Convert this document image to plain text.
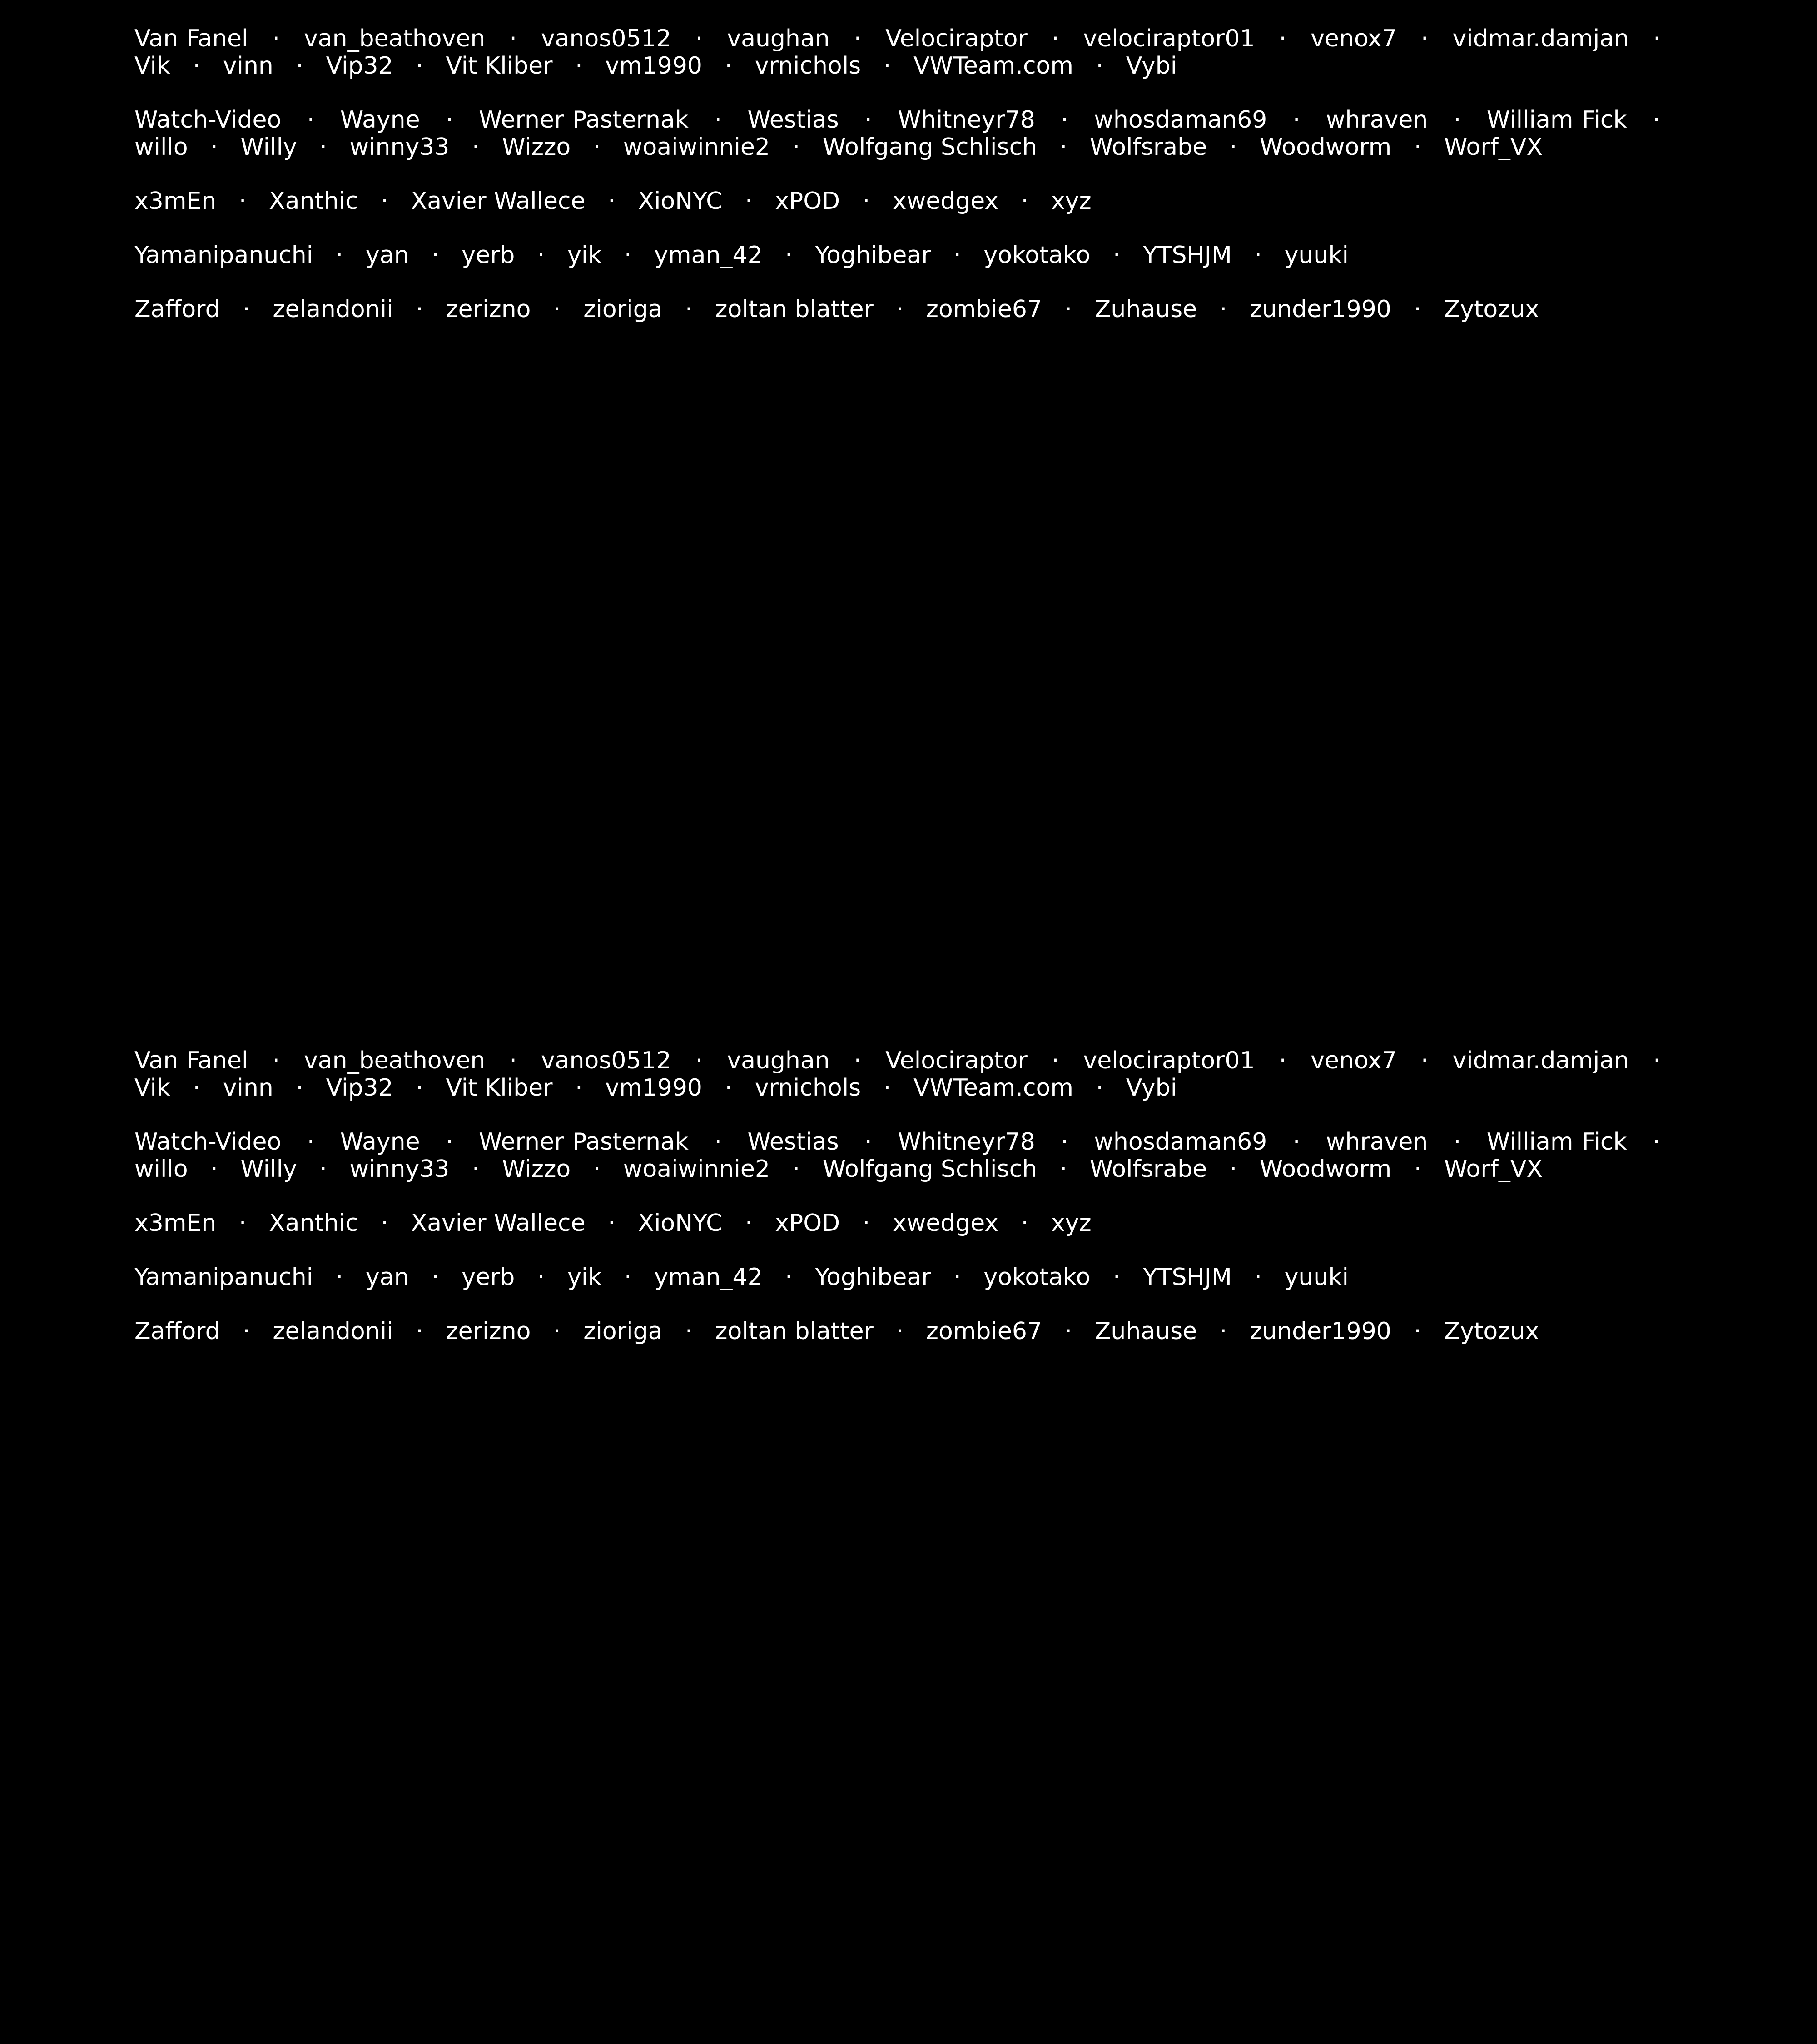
Van Fanel   ·   van_beathoven   ·   vanos0512   ·   vaughan   ·   Velociraptor   ·   velociraptor01   ·   venox7   ·   vidmar.damjan   ·   Vik   ·   vinn   ·   Vip32   ·   Vit Kliber   ·   vm1990   ·   vrnichols   ·   VWTeam.com   ·   Vybi

Watch-Video   ·   Wayne   ·   Werner Pasternak   ·   Westias   ·   Whitneyr78   ·   whosdaman69   ·   whraven   ·   William Fick   ·   willo   ·   Willy   ·   winny33   ·   Wizzo   ·   woaiwinnie2   ·   Wolfgang Schlisch   ·   Wolfsrabe   ·   Woodworm   ·   Worf_VX

x3mEn   ·   Xanthic   ·   Xavier Wallece   ·   XioNYC   ·   xPOD   ·   xwedgex   ·   xyz

Yamanipanuchi   ·   yan   ·   yerb   ·   yik   ·   yman_42   ·   Yoghibear   ·   yokotako   ·   YTSHJM   ·   yuuki

Zafford   ·   zelandonii   ·   zerizno   ·   zioriga   ·   zoltan blatter   ·   zombie67   ·   Zuhause   ·   zunder1990   ·   Zytozux

Van Fanel   ·   van_beathoven   ·   vanos0512   ·   vaughan   ·   Velociraptor   ·   velociraptor01   ·   venox7   ·   vidmar.damjan   ·   Vik   ·   vinn   ·   Vip32   ·   Vit Kliber   ·   vm1990   ·   vrnichols   ·   VWTeam.com   ·   Vybi

Watch-Video   ·   Wayne   ·   Werner Pasternak   ·   Westias   ·   Whitneyr78   ·   whosdaman69   ·   whraven   ·   William Fick   ·   willo   ·   Willy   ·   winny33   ·   Wizzo   ·   woaiwinnie2   ·   Wolfgang Schlisch   ·   Wolfsrabe   ·   Woodworm   ·   Worf_VX

x3mEn   ·   Xanthic   ·   Xavier Wallece   ·   XioNYC   ·   xPOD   ·   xwedgex   ·   xyz

Yamanipanuchi   ·   yan   ·   yerb   ·   yik   ·   yman_42   ·   Yoghibear   ·   yokotako   ·   YTSHJM   ·   yuuki

Zafford   ·   zelandonii   ·   zerizno   ·   zioriga   ·   zoltan blatter   ·   zombie67   ·   Zuhause   ·   zunder1990   ·   Zytozux
